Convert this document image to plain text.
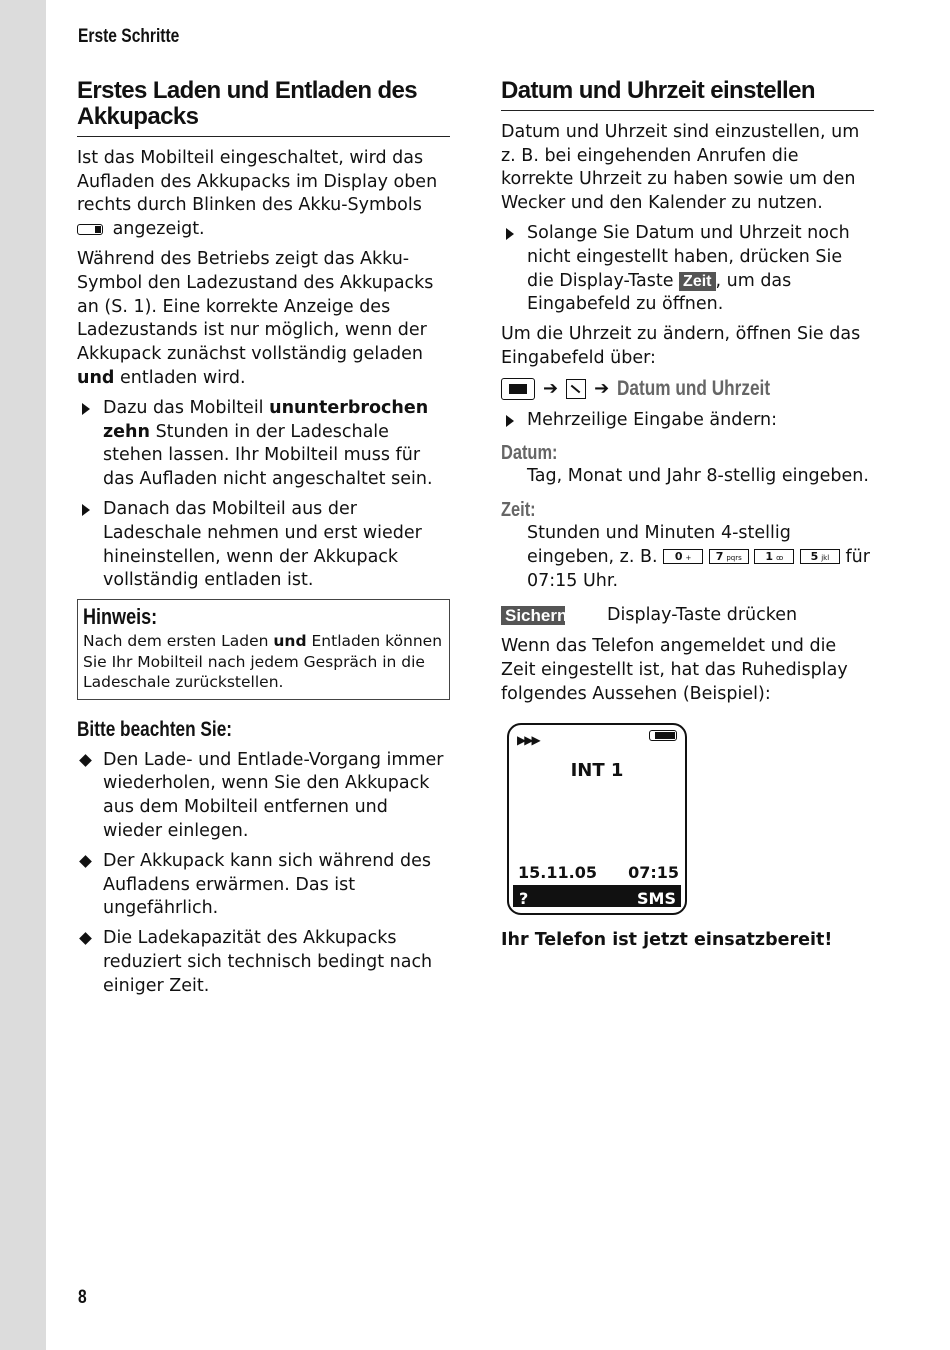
Erste Schritte
Erstes Laden und Entladen des Akkupacks

Ist das Mobilteil eingeschaltet, wird das Aufladen des Akkupacks im Display oben rechts durch Blinken des Akku-Symbols  angezeigt.

Während des Betriebs zeigt das Akku-Symbol den Ladezustand des Akkupacks an (S. 1). Eine korrekte Anzeige des Ladezustands ist nur möglich, wenn der Akkupack zunächst vollständig geladen und entladen wird.

Dazu das Mobilteil ununterbrochen zehn Stunden in der Ladeschale stehen lassen. Ihr Mobilteil muss für das Aufladen nicht angeschaltet sein.
Danach das Mobilteil aus der Ladeschale nehmen und erst wieder hineinstellen, wenn der Akkupack vollständig entladen ist.
Hinweis:
Nach dem ersten Laden und Entladen können Sie Ihr Mobilteil nach jedem Gespräch in die Ladeschale zurückstellen.
Bitte beachten Sie:
Den Lade- und Entlade-Vorgang immer wiederholen, wenn Sie den Akkupack aus dem Mobilteil entfernen und wieder einlegen.
Der Akkupack kann sich während des Aufladens erwärmen. Das ist ungefährlich.
Die Ladekapazität des Akkupacks reduziert sich technisch bedingt nach einiger Zeit.
Datum und Uhrzeit einstellen

Datum und Uhrzeit sind einzustellen, um z. B. bei eingehenden Anrufen die korrekte Uhrzeit zu haben sowie um den Wecker und den Kalender zu nutzen.

Solange Sie Datum und Uhrzeit noch nicht eingestellt haben, drücken Sie die Display-Taste Zeit , um das Eingabefeld zu öffnen.

Um die Uhrzeit zu ändern, öffnen Sie das Eingabefeld über:

➔ ➔ Datum und Uhrzeit
Mehrzeilige Eingabe ändern:
Datum:
Tag, Monat und Jahr 8-stellig eingeben.
Zeit:
Stunden und Minuten 4-stellig eingeben, z. B. 0 + 7 pqrs 1 ꝏ 5 jkl für 07:15 Uhr.
Sichern Display-Taste drücken

Wenn das Telefon angemeldet und die Zeit eingestellt ist, hat das Ruhedisplay folgendes Aussehen (Beispiel):

▶▶▶
INT 1
15.11.05 07:15
?	SMS

Ihr Telefon ist jetzt einsatzbereit!

8
